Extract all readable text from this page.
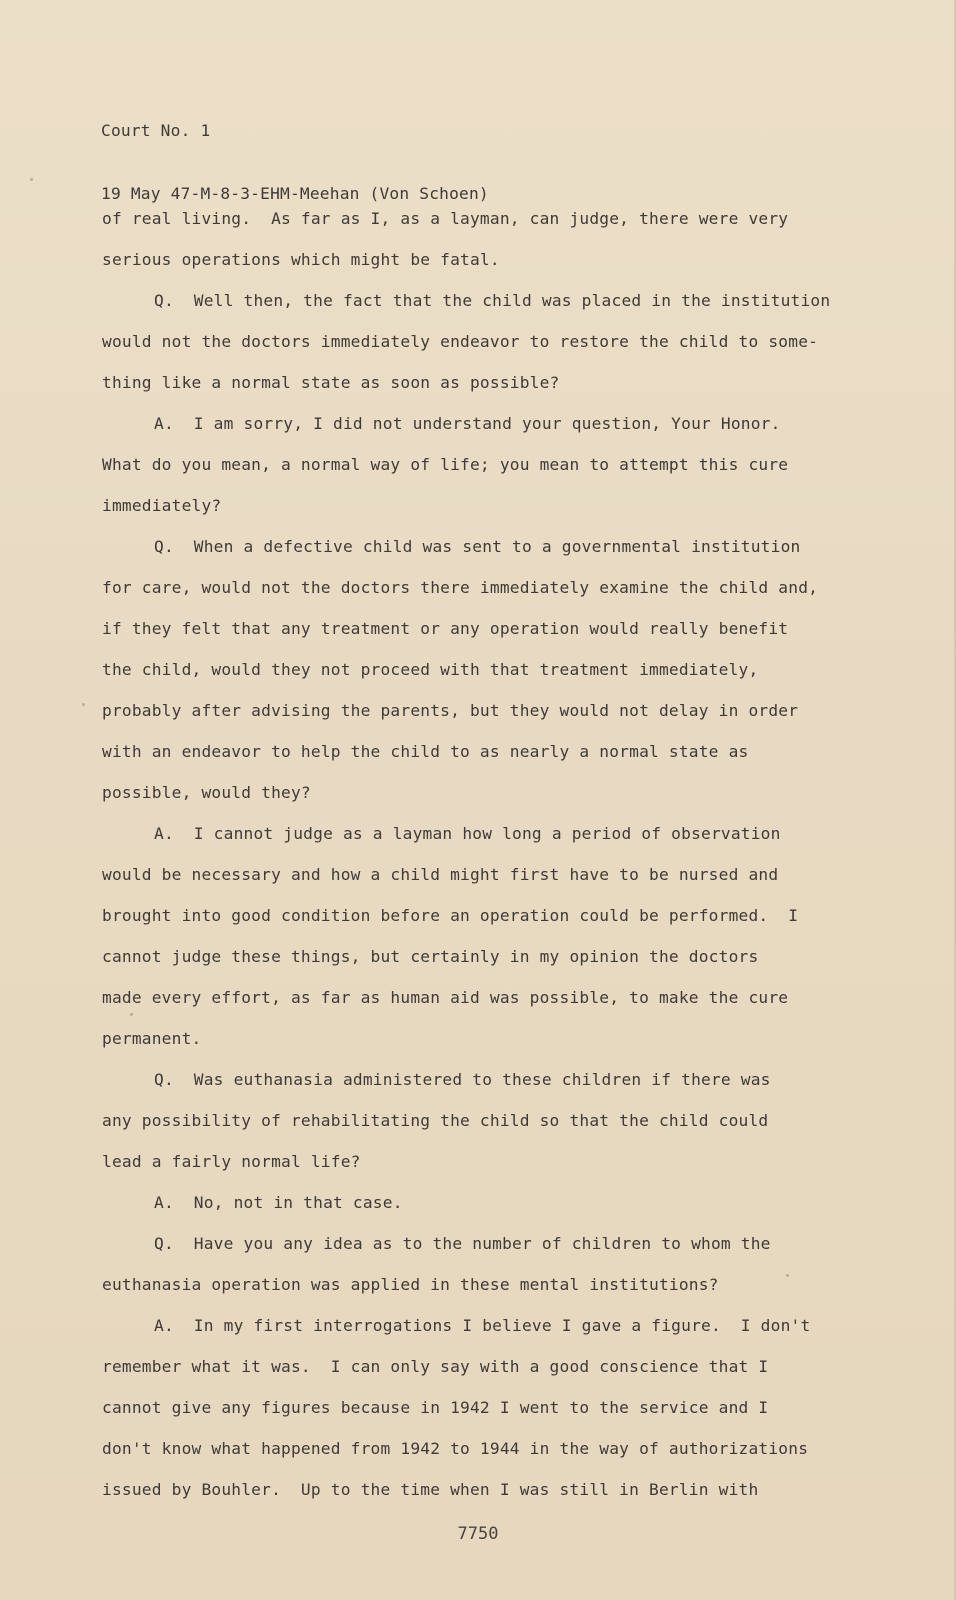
Court No. 1

19 May 47-M-8-3-EHM-Meehan (Von Schoen)

of real living.  As far as I, as a layman, can judge, there were very
serious operations which might be fatal.
Q.  Well then, the fact that the child was placed in the institution
would not the doctors immediately endeavor to restore the child to some-
thing like a normal state as soon as possible?
A.  I am sorry, I did not understand your question, Your Honor.
What do you mean, a normal way of life; you mean to attempt this cure
immediately?
Q.  When a defective child was sent to a governmental institution
for care, would not the doctors there immediately examine the child and,
if they felt that any treatment or any operation would really benefit
the child, would they not proceed with that treatment immediately,
probably after advising the parents, but they would not delay in order
with an endeavor to help the child to as nearly a normal state as
possible, would they?
A.  I cannot judge as a layman how long a period of observation
would be necessary and how a child might first have to be nursed and
brought into good condition before an operation could be performed.  I
cannot judge these things, but certainly in my opinion the doctors
made every effort, as far as human aid was possible, to make the cure
permanent.
Q.  Was euthanasia administered to these children if there was
any possibility of rehabilitating the child so that the child could
lead a fairly normal life?
A.  No, not in that case.
Q.  Have you any idea as to the number of children to whom the
euthanasia operation was applied in these mental institutions?
A.  In my first interrogations I believe I gave a figure.  I don't
remember what it was.  I can only say with a good conscience that I
cannot give any figures because in 1942 I went to the service and I
don't know what happened from 1942 to 1944 in the way of authorizations
issued by Bouhler.  Up to the time when I was still in Berlin with
7750
